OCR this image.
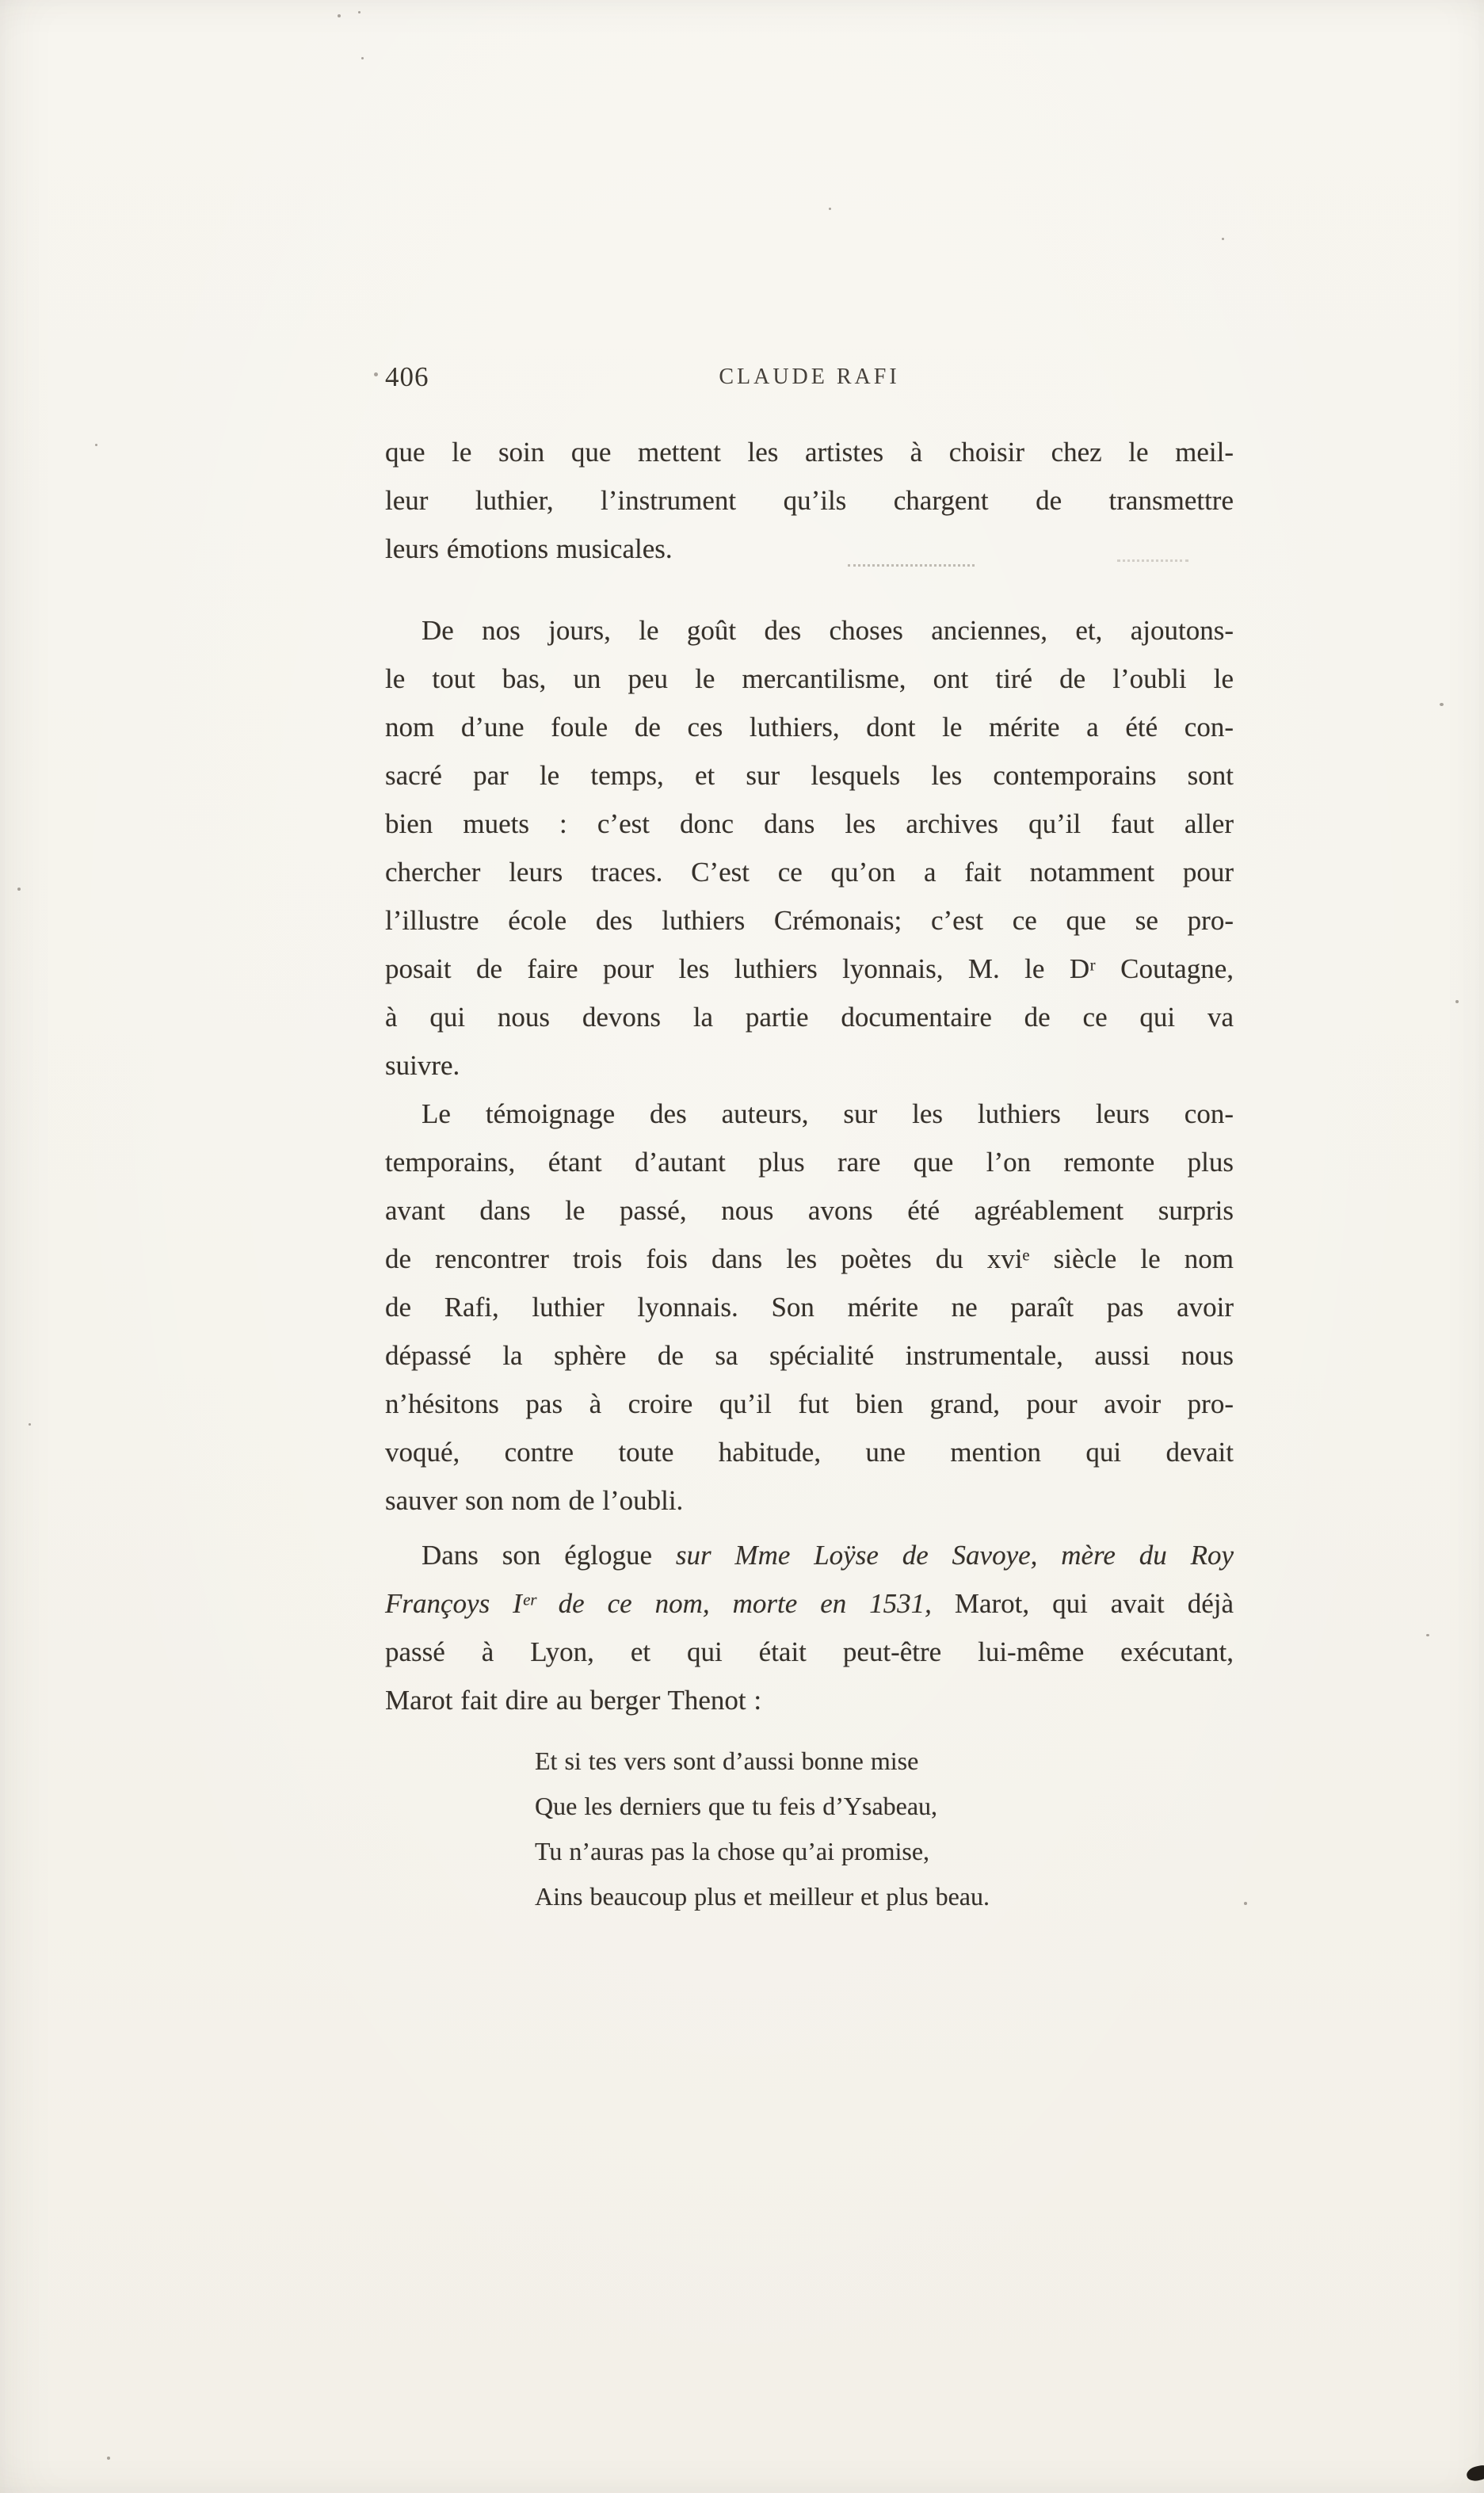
406	CLAUDE RAFI
que le soin que mettent les artistes à choisir chez le meil-
leur luthier, l’instrument qu’ils chargent de transmettre
leurs émotions musicales.
De nos jours, le goût des choses anciennes, et, ajoutons-
le tout bas, un peu le mercantilisme, ont tiré de l’oubli le
nom d’une foule de ces luthiers, dont le mérite a été con-
sacré par le temps, et sur lesquels les contemporains sont
bien muets : c’est donc dans les archives qu’il faut aller
chercher leurs traces. C’est ce qu’on a fait notamment pour
l’illustre école des luthiers Crémonais; c’est ce que se pro-
posait de faire pour les luthiers lyonnais, M. le Dʳ Coutagne,
à qui nous devons la partie documentaire de ce qui va
suivre.
Le témoignage des auteurs, sur les luthiers leurs con-
temporains, étant d’autant plus rare que l’on remonte plus
avant dans le passé, nous avons été agréablement surpris
de rencontrer trois fois dans les poètes du xviᵉ siècle le nom
de Rafi, luthier lyonnais. Son mérite ne paraît pas avoir
dépassé la sphère de sa spécialité instrumentale, aussi nous
n’hésitons pas à croire qu’il fut bien grand, pour avoir pro-
voqué, contre toute habitude, une mention qui devait
sauver son nom de l’oubli.
Dans son églogue sur Mme Loÿse de Savoye, mère du Roy
Françoys Iᵉʳ de ce nom, morte en 1531, Marot, qui avait déjà
passé à Lyon, et qui était peut-être lui-même exécutant,
Marot fait dire au berger Thenot :
Et si tes vers sont d’aussi bonne mise
Que les derniers que tu feis d’Ysabeau,
Tu n’auras pas la chose qu’ai promise,
Ains beaucoup plus et meilleur et plus beau.
